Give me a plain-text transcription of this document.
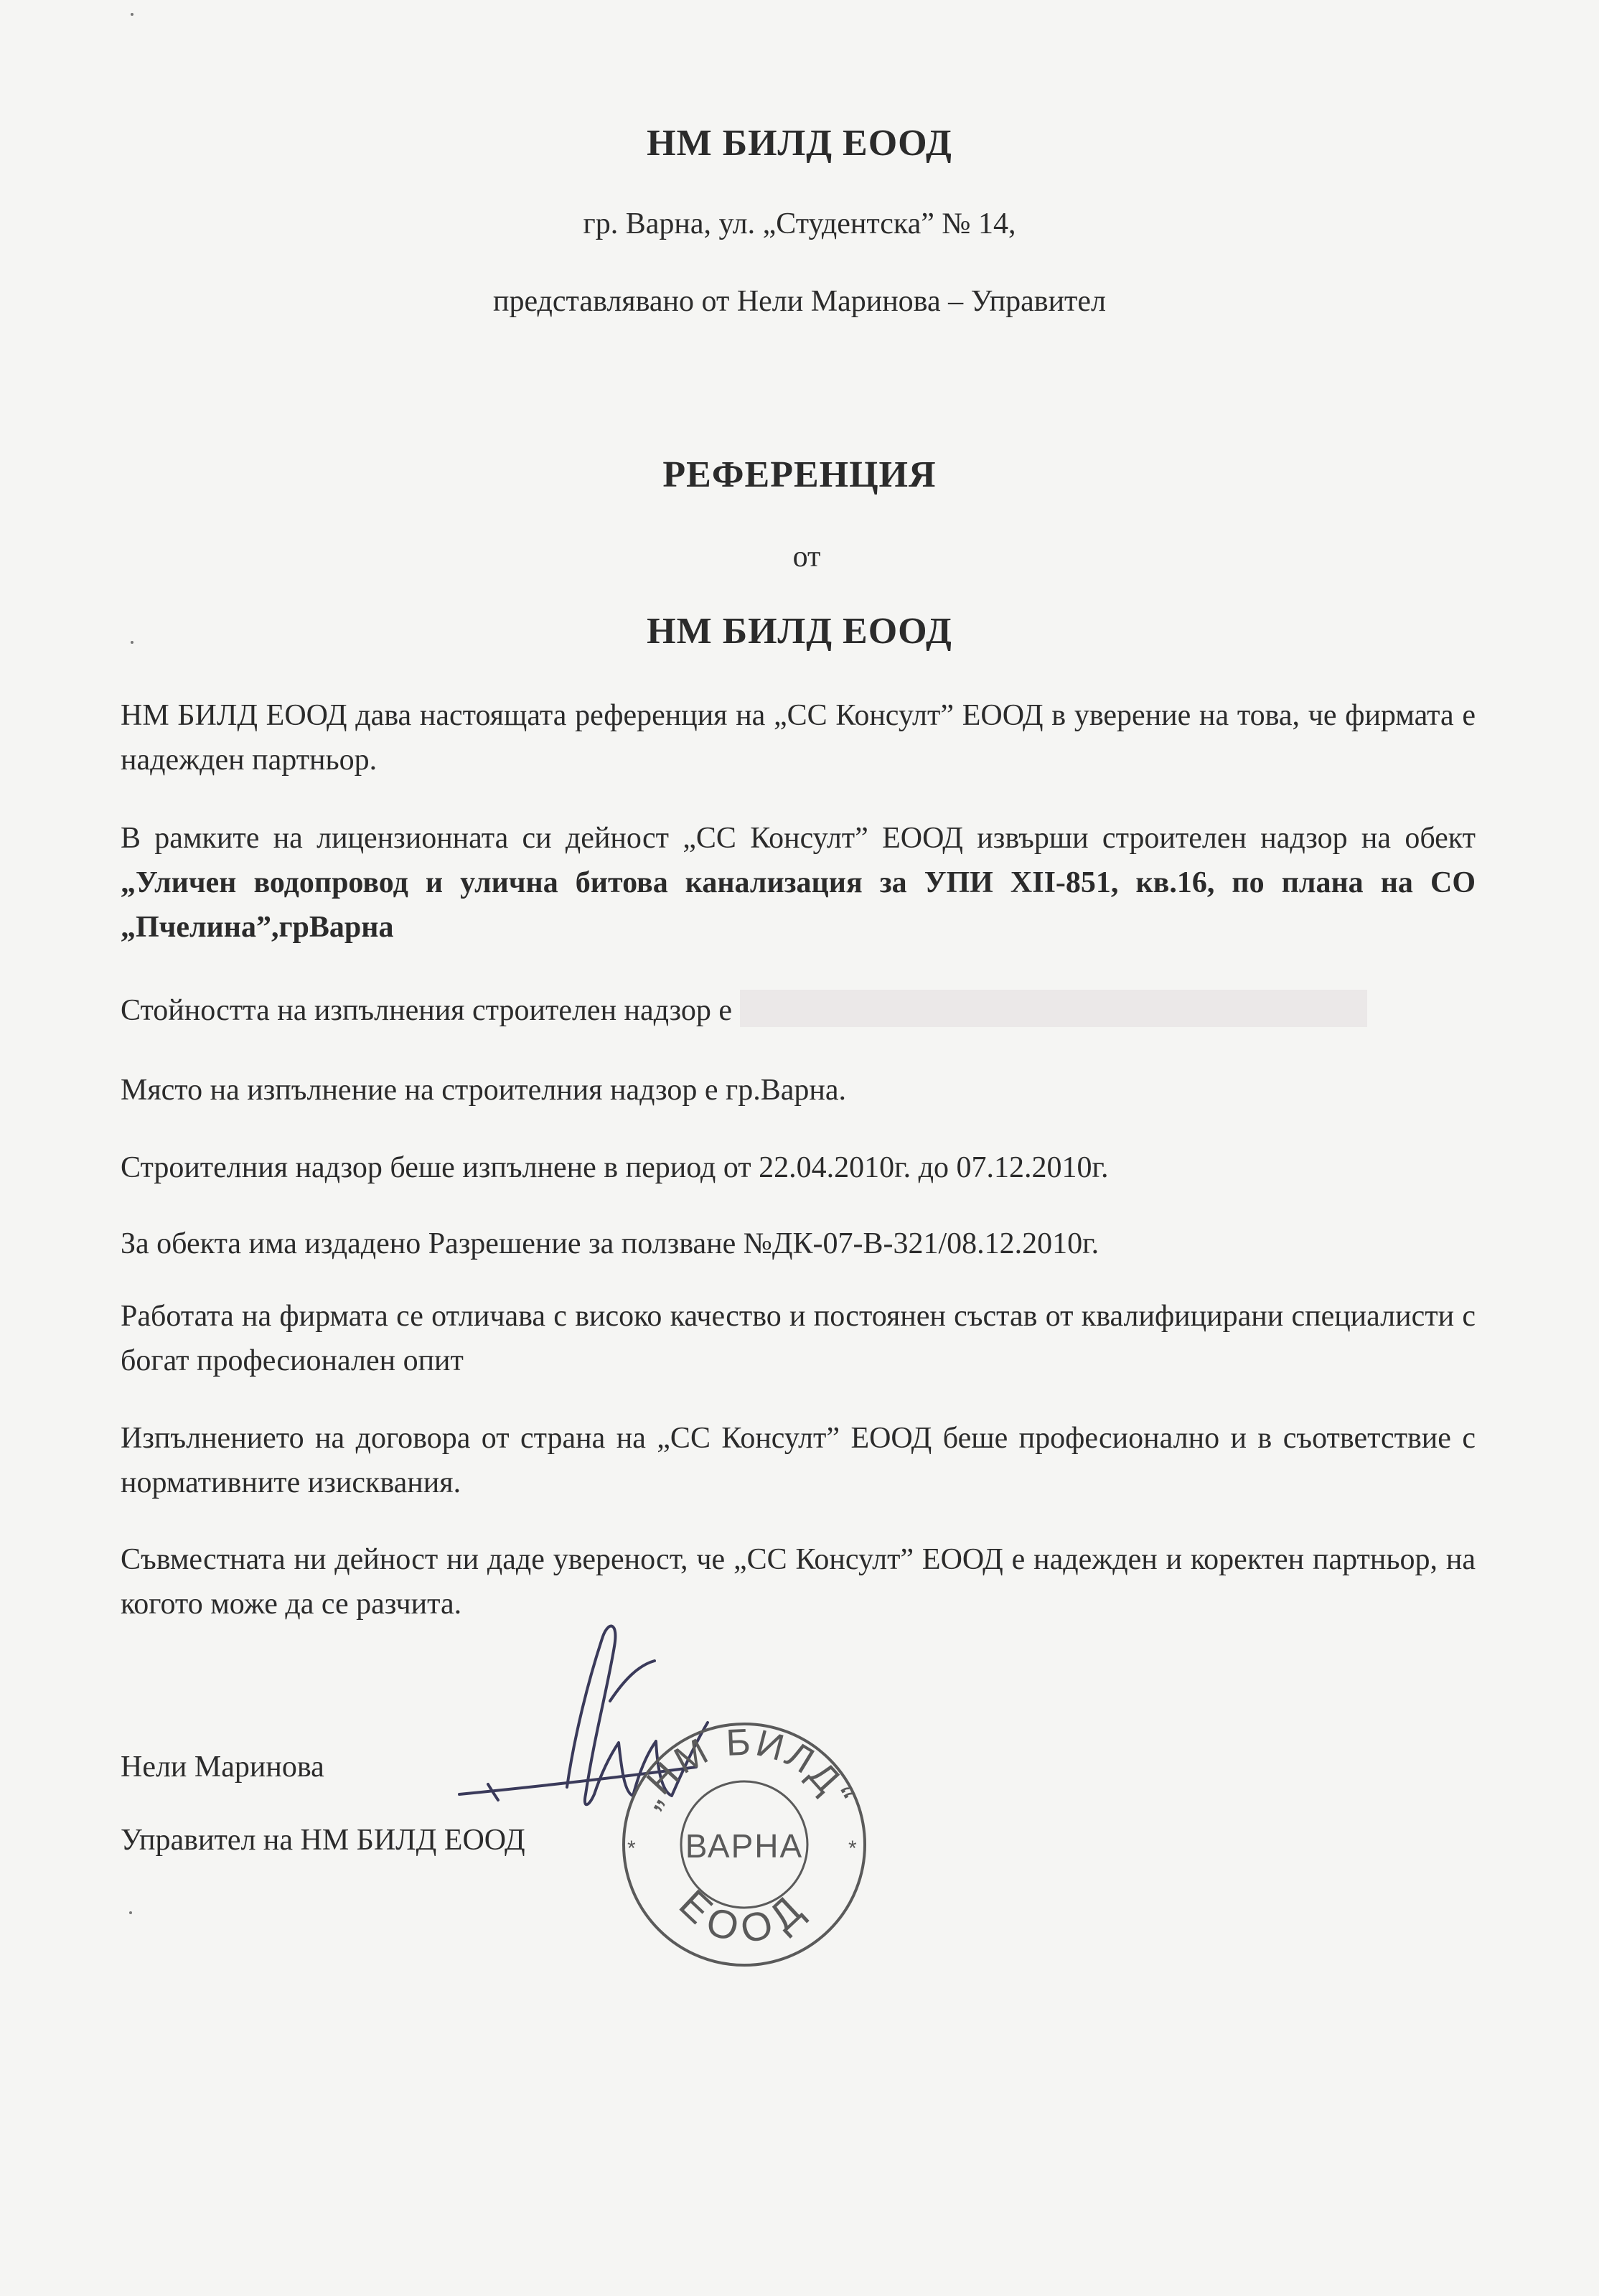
НМ БИЛД ЕООД
гр. Варна, ул. „Студентска” № 14,
представлявано от Нели Маринова – Управител
РЕФЕРЕНЦИЯ
от
НМ БИЛД ЕООД
НМ БИЛД ЕООД дава настоящата референция на „СС Консулт” ЕООД в уверение на това, че фирмата е надежден партньор.
В рамките на лицензионната си дейност „СС Консулт” ЕООД извърши строителен надзор на обект „Уличен водопровод и улична битова канализация за УПИ XII-851, кв.16, по плана на СО „Пчелина”,грВарна
Стойността на изпълнения строителен надзор е
Място на изпълнение на строителния надзор е гр.Варна.
Строителния надзор беше изпълнене в период от 22.04.2010г. до 07.12.2010г.
За обекта има издадено Разрешение за ползване №ДК-07-В-321/08.12.2010г.
Работата на фирмата се отличава с високо качество и постоянен състав от квалифицирани специалисти с богат професионален опит
Изпълнението на договора от страна на „СС Консулт” ЕООД беше професионално и в съответствие с нормативните изисквания.
Съвместната ни дейност ни даде увереност, че „СС Консулт” ЕООД е надежден и коректен партньор, на когото може да се разчита.
Нели Маринова
Управител на НМ БИЛД ЕООД
„НМ БИЛД“
ВАРНА
ЕООД
*	*
